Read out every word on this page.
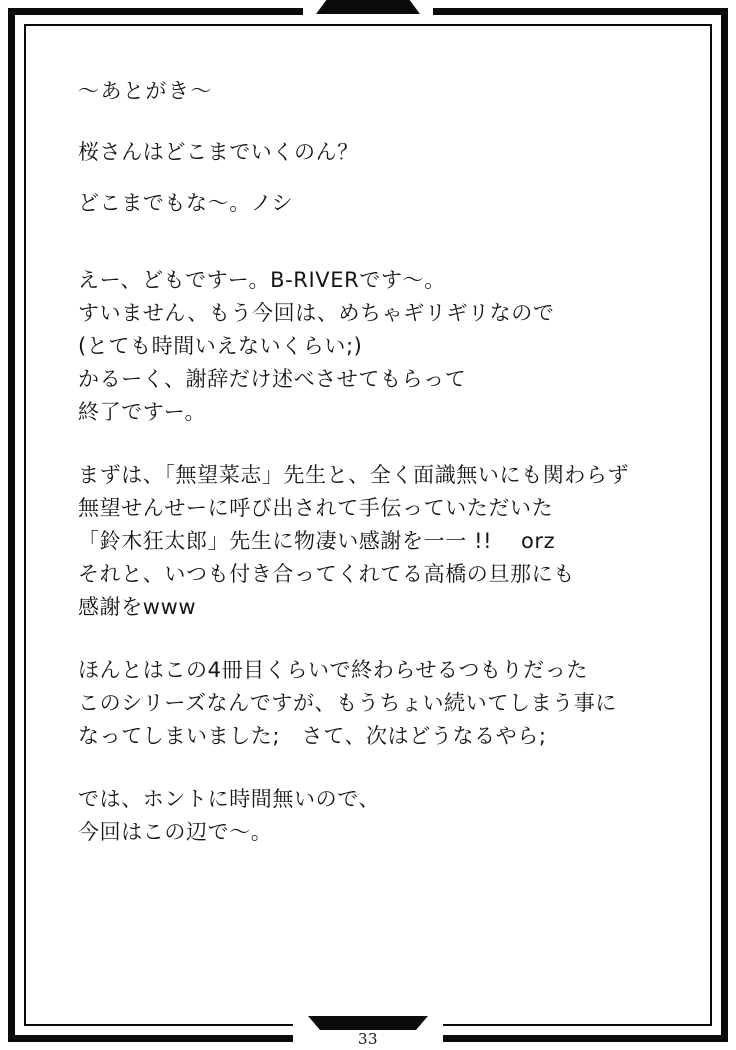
33
～あとがき～
桜さんはどこまでいくのん？
どこまでもな～。ノシ
えー、どもですー。B-RIVERです～。
すいません、もう今回は、めちゃギリギリなので
(とても時間いえないくらい;)
かるーく、謝辞だけ述べさせてもらって
終了ですー。
まずは、「無望菜志」先生と、全く面識無いにも関わらず
無望せんせーに呼び出されて手伝っていただいた
「鈴木狂太郎」先生に物凄い感謝を一一 !!　 orz
それと、いつも付き合ってくれてる高橋の旦那にも
感謝をwww
ほんとはこの4冊目くらいで終わらせるつもりだった
このシリーズなんですが、もうちょい続いてしまう事に
なってしまいました;　さて、次はどうなるやら;
では、ホントに時間無いので、
今回はこの辺で～。
